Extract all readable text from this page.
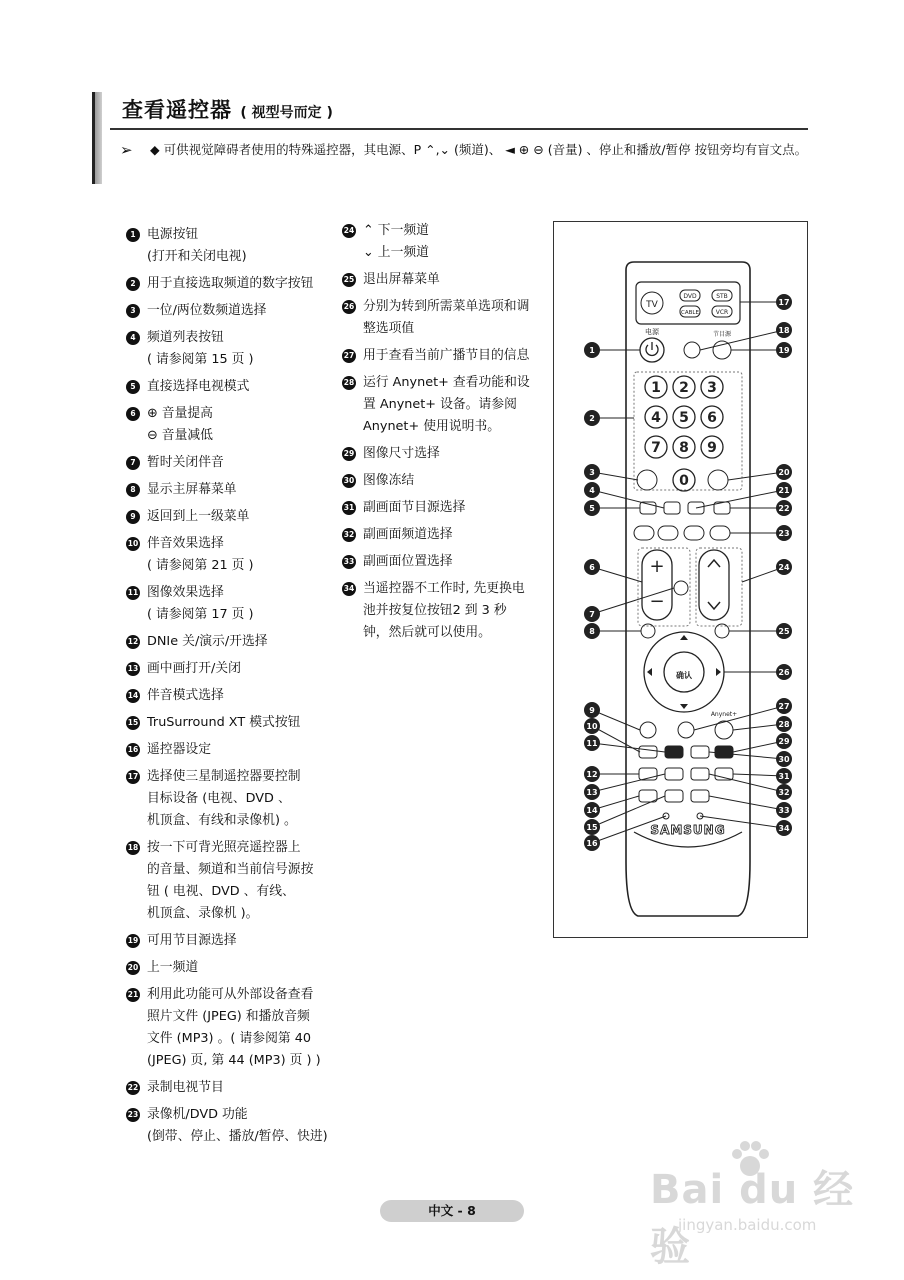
查看遥控器 ( 视型号而定 )
➢ ◆ 可供视觉障碍者使用的特殊遥控器，其电源、P ⌃,⌄ (频道)、 ◄ ⊕ ⊖ (音量) 、停止和播放/暂停 按钮旁均有盲文点。
1 电源按钮
(打开和关闭电视)
2 用于直接选取频道的数字按钮
3 一位/两位数频道选择
4 频道列表按钮
( 请参阅第 15 页 )
5 直接选择电视模式
6 ⊕ 音量提高
⊖ 音量减低
7 暂时关闭伴音
8 显示主屏幕菜单
9 返回到上一级菜单
10 伴音效果选择
( 请参阅第 21 页 )
11 图像效果选择
( 请参阅第 17 页 )
12 DNIe 关/演示/开选择
13 画中画打开/关闭
14 伴音模式选择
15 TruSurround XT 模式按钮
16 遥控器设定
17 选择使三星制遥控器要控制
目标设备 (电视、DVD 、
机顶盒、有线和录像机) 。
18 按一下可背光照亮遥控器上
的音量、频道和当前信号源按
钮 ( 电视、DVD 、有线、
机顶盒、录像机 )。
19 可用节目源选择
20 上一频道
21 利用此功能可从外部设备查看
照片文件 (JPEG) 和播放音频
文件 (MP3) 。( 请参阅第 40
(JPEG) 页, 第 44 (MP3) 页 ) )
22 录制电视节目
23 录像机/DVD 功能
(倒带、停止、播放/暂停、快进)
24 ⌃ 下一频道
⌄ 上一频道
25 退出屏幕菜单
26 分别为转到所需菜单选项和调
整选项值
27 用于查看当前广播节目的信息
28 运行 Anynet+ 查看功能和设
置 Anynet+ 设备。请参阅
Anynet+ 使用说明书。
29 图像尺寸选择
30 图像冻结
31 副画面节目源选择
32 副画面频道选择
33 副画面位置选择
34 当遥控器不工作时, 先更换电
池并按复位按钮2 到 3 秒
钟，然后就可以使用。
TV
DVD	STB
CABLE	VCR
电源	节目源
1 2 3
4 5 6
7 8 9
0
+
−
确认
Anynet+
SAMSUNG
1
2
3
4
5
6
7
8
9
10
11
12
13
14
15
16
17
18
19
20
21
22
23
24
25
26
27
28
29
30
31
32
33
34
中文 - 8	Bai du 经验
jingyan.baidu.com
